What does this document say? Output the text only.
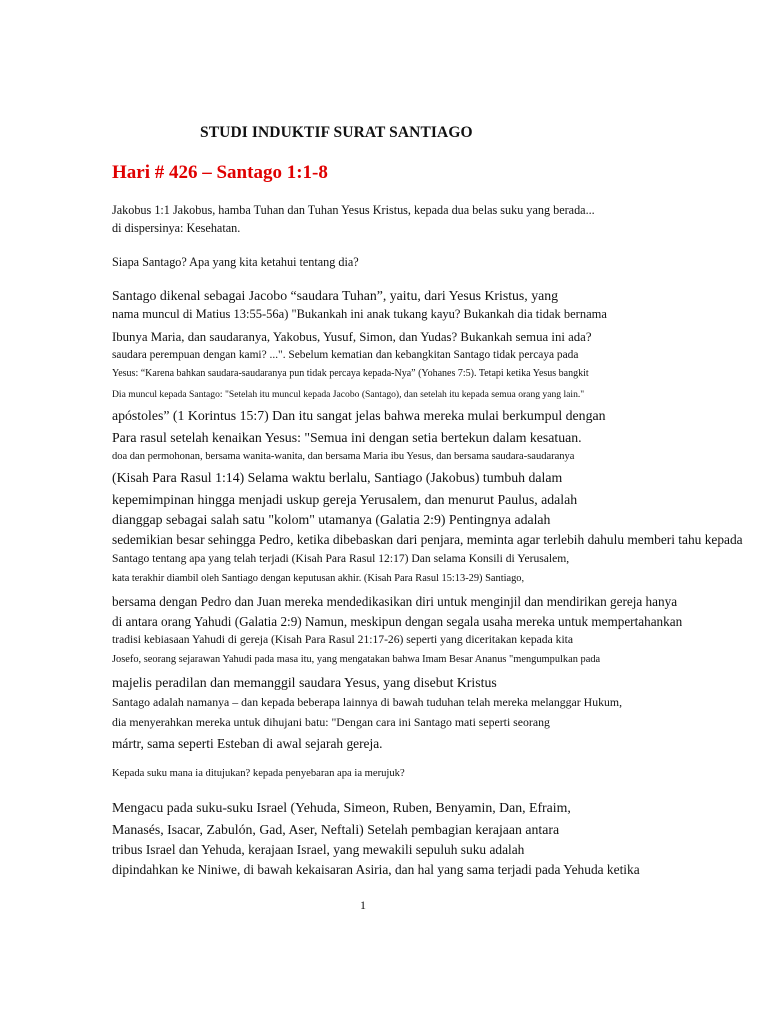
STUDI INDUKTIF SURAT SANTIAGO
Hari # 426 – Santago 1:1-8
Jakobus 1:1 Jakobus, hamba Tuhan dan Tuhan Yesus Kristus, kepada dua belas suku yang berada...
di dispersinya: Kesehatan.
Siapa Santago? Apa yang kita ketahui tentang dia?
Santago dikenal sebagai Jacobo “saudara Tuhan”, yaitu, dari Yesus Kristus, yang
nama muncul di Matius 13:55-56a) "Bukankah ini anak tukang kayu? Bukankah dia tidak bernama
Ibunya Maria, dan saudaranya, Yakobus, Yusuf, Simon, dan Yudas? Bukankah semua ini ada?
saudara perempuan dengan kami? ...". Sebelum kematian dan kebangkitan Santago tidak percaya pada
Yesus: “Karena bahkan saudara-saudaranya pun tidak percaya kepada-Nya” (Yohanes 7:5). Tetapi ketika Yesus bangkit
Dia muncul kepada Santago: "Setelah itu muncul kepada Jacobo (Santago), dan setelah itu kepada semua orang yang lain."
apóstoles” (1 Korintus 15:7) Dan itu sangat jelas bahwa mereka mulai berkumpul dengan
Para rasul setelah kenaikan Yesus: "Semua ini dengan setia bertekun dalam kesatuan.
doa dan permohonan, bersama wanita-wanita, dan bersama Maria ibu Yesus, dan bersama saudara-saudaranya
(Kisah Para Rasul 1:14) Selama waktu berlalu, Santiago (Jakobus) tumbuh dalam
kepemimpinan hingga menjadi uskup gereja Yerusalem, dan menurut Paulus, adalah
dianggap sebagai salah satu "kolom" utamanya (Galatia 2:9) Pentingnya adalah
sedemikian besar sehingga Pedro, ketika dibebaskan dari penjara, meminta agar terlebih dahulu memberi tahu kepada
Santago tentang apa yang telah terjadi (Kisah Para Rasul 12:17) Dan selama Konsili di Yerusalem,
kata terakhir diambil oleh Santiago dengan keputusan akhir. (Kisah Para Rasul 15:13-29) Santiago,
bersama dengan Pedro dan Juan mereka mendedikasikan diri untuk menginjil dan mendirikan gereja hanya
di antara orang Yahudi (Galatia 2:9) Namun, meskipun dengan segala usaha mereka untuk mempertahankan
tradisi kebiasaan Yahudi di gereja (Kisah Para Rasul 21:17-26) seperti yang diceritakan kepada kita
Josefo, seorang sejarawan Yahudi pada masa itu, yang mengatakan bahwa Imam Besar Ananus "mengumpulkan pada
majelis peradilan dan memanggil saudara Yesus, yang disebut Kristus
Santago adalah namanya – dan kepada beberapa lainnya di bawah tuduhan telah mereka melanggar Hukum,
dia menyerahkan mereka untuk dihujani batu: "Dengan cara ini Santago mati seperti seorang
mártr, sama seperti Esteban di awal sejarah gereja.
Kepada suku mana ia ditujukan? kepada penyebaran apa ia merujuk?
Mengacu pada suku-suku Israel (Yehuda, Simeon, Ruben, Benyamin, Dan, Efraim,
Manasés, Isacar, Zabulón, Gad, Aser, Neftali) Setelah pembagian kerajaan antara
tribus Israel dan Yehuda, kerajaan Israel, yang mewakili sepuluh suku adalah
dipindahkan ke Niniwe, di bawah kekaisaran Asiria, dan hal yang sama terjadi pada Yehuda ketika
1
